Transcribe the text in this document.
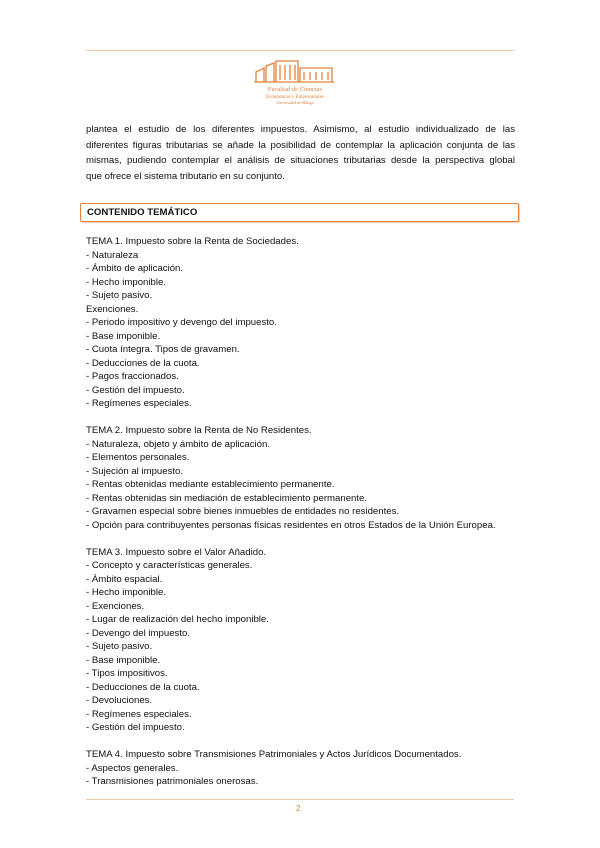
Facultad de Ciencias
Económicas y Empresariales
Universidad de Málaga
plantea el estudio de los diferentes impuestos. Asimismo, al estudio individualizado de las
diferentes figuras tributarias se añade la posibilidad de contemplar la aplicación conjunta de las
mismas, pudiendo contemplar el análisis de situaciones tributarias desde la perspectiva global
que ofrece el sistema tributario en su conjunto.
CONTENIDO TEMÁTICO
TEMA 1. Impuesto sobre la Renta de Sociedades.
- Naturaleza
- Ámbito de aplicación.
- Hecho imponible.
- Sujeto pasivo.
Exenciones.
- Periodo impositivo y devengo del impuesto.
- Base imponible.
- Cuota íntegra. Tipos de gravamen.
- Deducciones de la cuota.
- Pagos fraccionados.
- Gestión del impuesto.
- Regímenes especiales.
TEMA 2. Impuesto sobre la Renta de No Residentes.
- Naturaleza, objeto y ámbito de aplicación.
- Elementos personales.
- Sujeción al impuesto.
- Rentas obtenidas mediante establecimiento permanente.
- Rentas obtenidas sin mediación de establecimiento permanente.
- Gravamen especial sobre bienes inmuebles de entidades no residentes.
- Opción para contribuyentes personas físicas residentes en otros Estados de la Unión Europea.
TEMA 3. Impuesto sobre el Valor Añadido.
- Concepto y características generales.
- Ámbito espacial.
- Hecho imponible.
- Exenciones.
- Lugar de realización del hecho imponible.
- Devengo del impuesto.
- Sujeto pasivo.
- Base imponible.
- Tipos impositivos.
- Deducciones de la cuota.
- Devoluciones.
- Regímenes especiales.
- Gestión del impuesto.
TEMA 4. Impuesto sobre Transmisiones Patrimoniales y Actos Jurídicos Documentados.
- Aspectos generales.
- Transmisiones patrimoniales onerosas.
2
